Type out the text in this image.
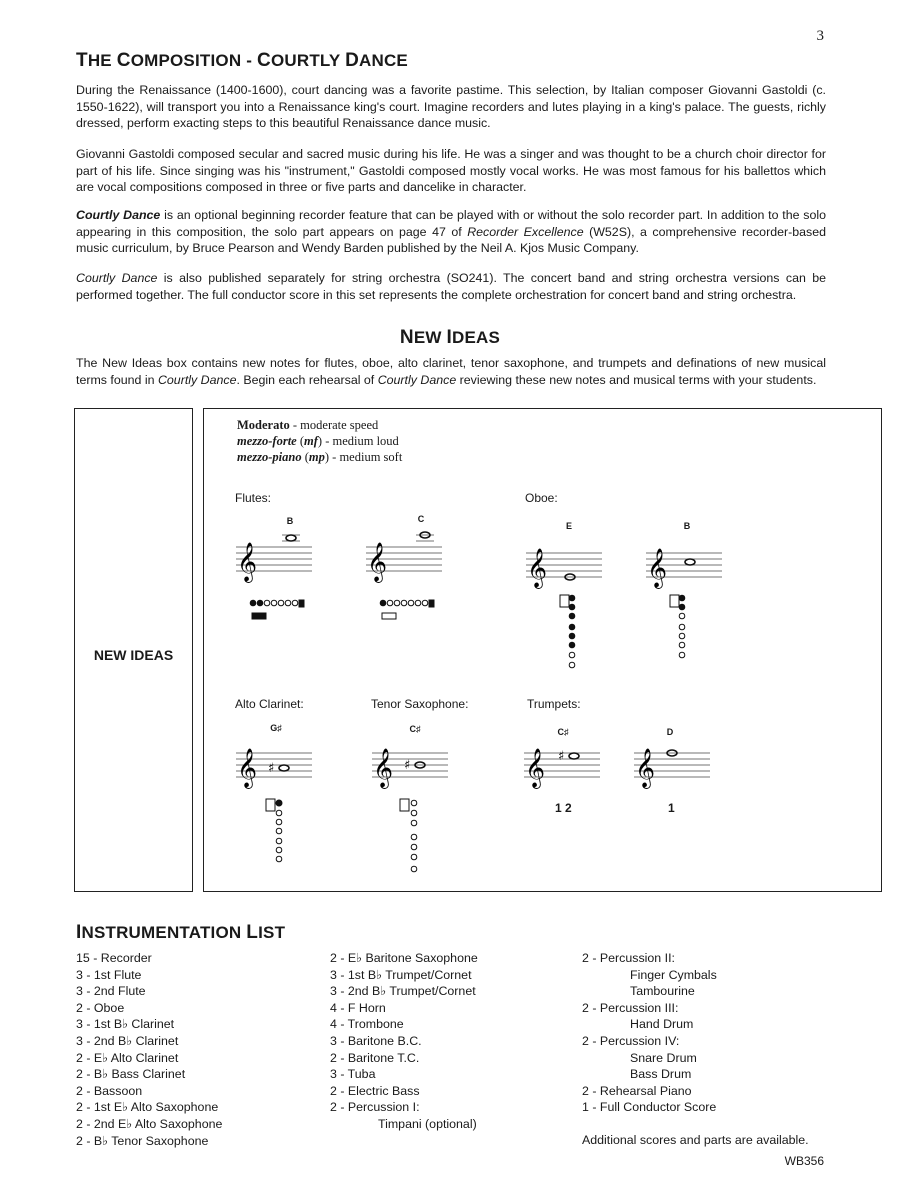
3
THE COMPOSITION - COURTLY DANCE
During the Renaissance (1400-1600), court dancing was a favorite pastime. This selection, by Italian composer Giovanni Gastoldi (c. 1550-1622), will transport you into a Renaissance king's court. Imagine recorders and lutes playing in a king's palace. The guests, richly dressed, perform exacting steps to this beautiful Renaissance dance music.
Giovanni Gastoldi composed secular and sacred music during his life. He was a singer and was thought to be a church choir director for part of his life. Since singing was his "instrument," Gastoldi composed mostly vocal works. He was most famous for his ballettos which are vocal compositions composed in three or five parts and dancelike in character.
Courtly Dance is an optional beginning recorder feature that can be played with or without the solo recorder part. In addition to the solo appearing in this composition, the solo part appears on page 47 of Recorder Excellence (W52S), a comprehensive recorder-based music curriculum, by Bruce Pearson and Wendy Barden published by the Neil A. Kjos Music Company.
Courtly Dance is also published separately for string orchestra (SO241). The concert band and string orchestra versions can be performed together. The full conductor score in this set represents the complete orchestration for concert band and string orchestra.
NEW IDEAS
The New Ideas box contains new notes for flutes, oboe, alto clarinet, tenor saxophone, and trumpets and definations of new musical terms found in Courtly Dance. Begin each rehearsal of Courtly Dance reviewing these new notes and musical terms with your students.
NEW IDEAS
Moderato - moderate speed
mezzo-forte (mf) - medium loud
mezzo-piano (mp) - medium soft
Flutes:	Oboe:
Alto Clarinet:	Tenor Saxophone:	Trumpets:
B	C
E	B
G♯	C♯	C♯	D
𝄞	𝄞	𝄞	𝄞
𝄞 ♯	𝄞 ♯	𝄞 ♯ 𝄞
1 2	1
INSTRUMENTATION LIST
15 - Recorder
3 - 1st Flute
3 - 2nd Flute
2 - Oboe
3 - 1st B♭ Clarinet
3 - 2nd B♭ Clarinet
2 - E♭ Alto Clarinet
2 - B♭ Bass Clarinet
2 - Bassoon
2 - 1st E♭ Alto Saxophone
2 - 2nd E♭ Alto Saxophone
2 - B♭ Tenor Saxophone
2 - E♭ Baritone Saxophone
3 - 1st B♭ Trumpet/Cornet
3 - 2nd B♭ Trumpet/Cornet
4 - F Horn
4 - Trombone
3 - Baritone B.C.
2 - Baritone T.C.
3 - Tuba
2 - Electric Bass
2 - Percussion I:
Timpani (optional)
2 - Percussion II:
Finger Cymbals
Tambourine
2 - Percussion III:
Hand Drum
2 - Percussion IV:
Snare Drum
Bass Drum
2 - Rehearsal Piano
1 - Full Conductor Score
Additional scores and parts are available.
WB356
